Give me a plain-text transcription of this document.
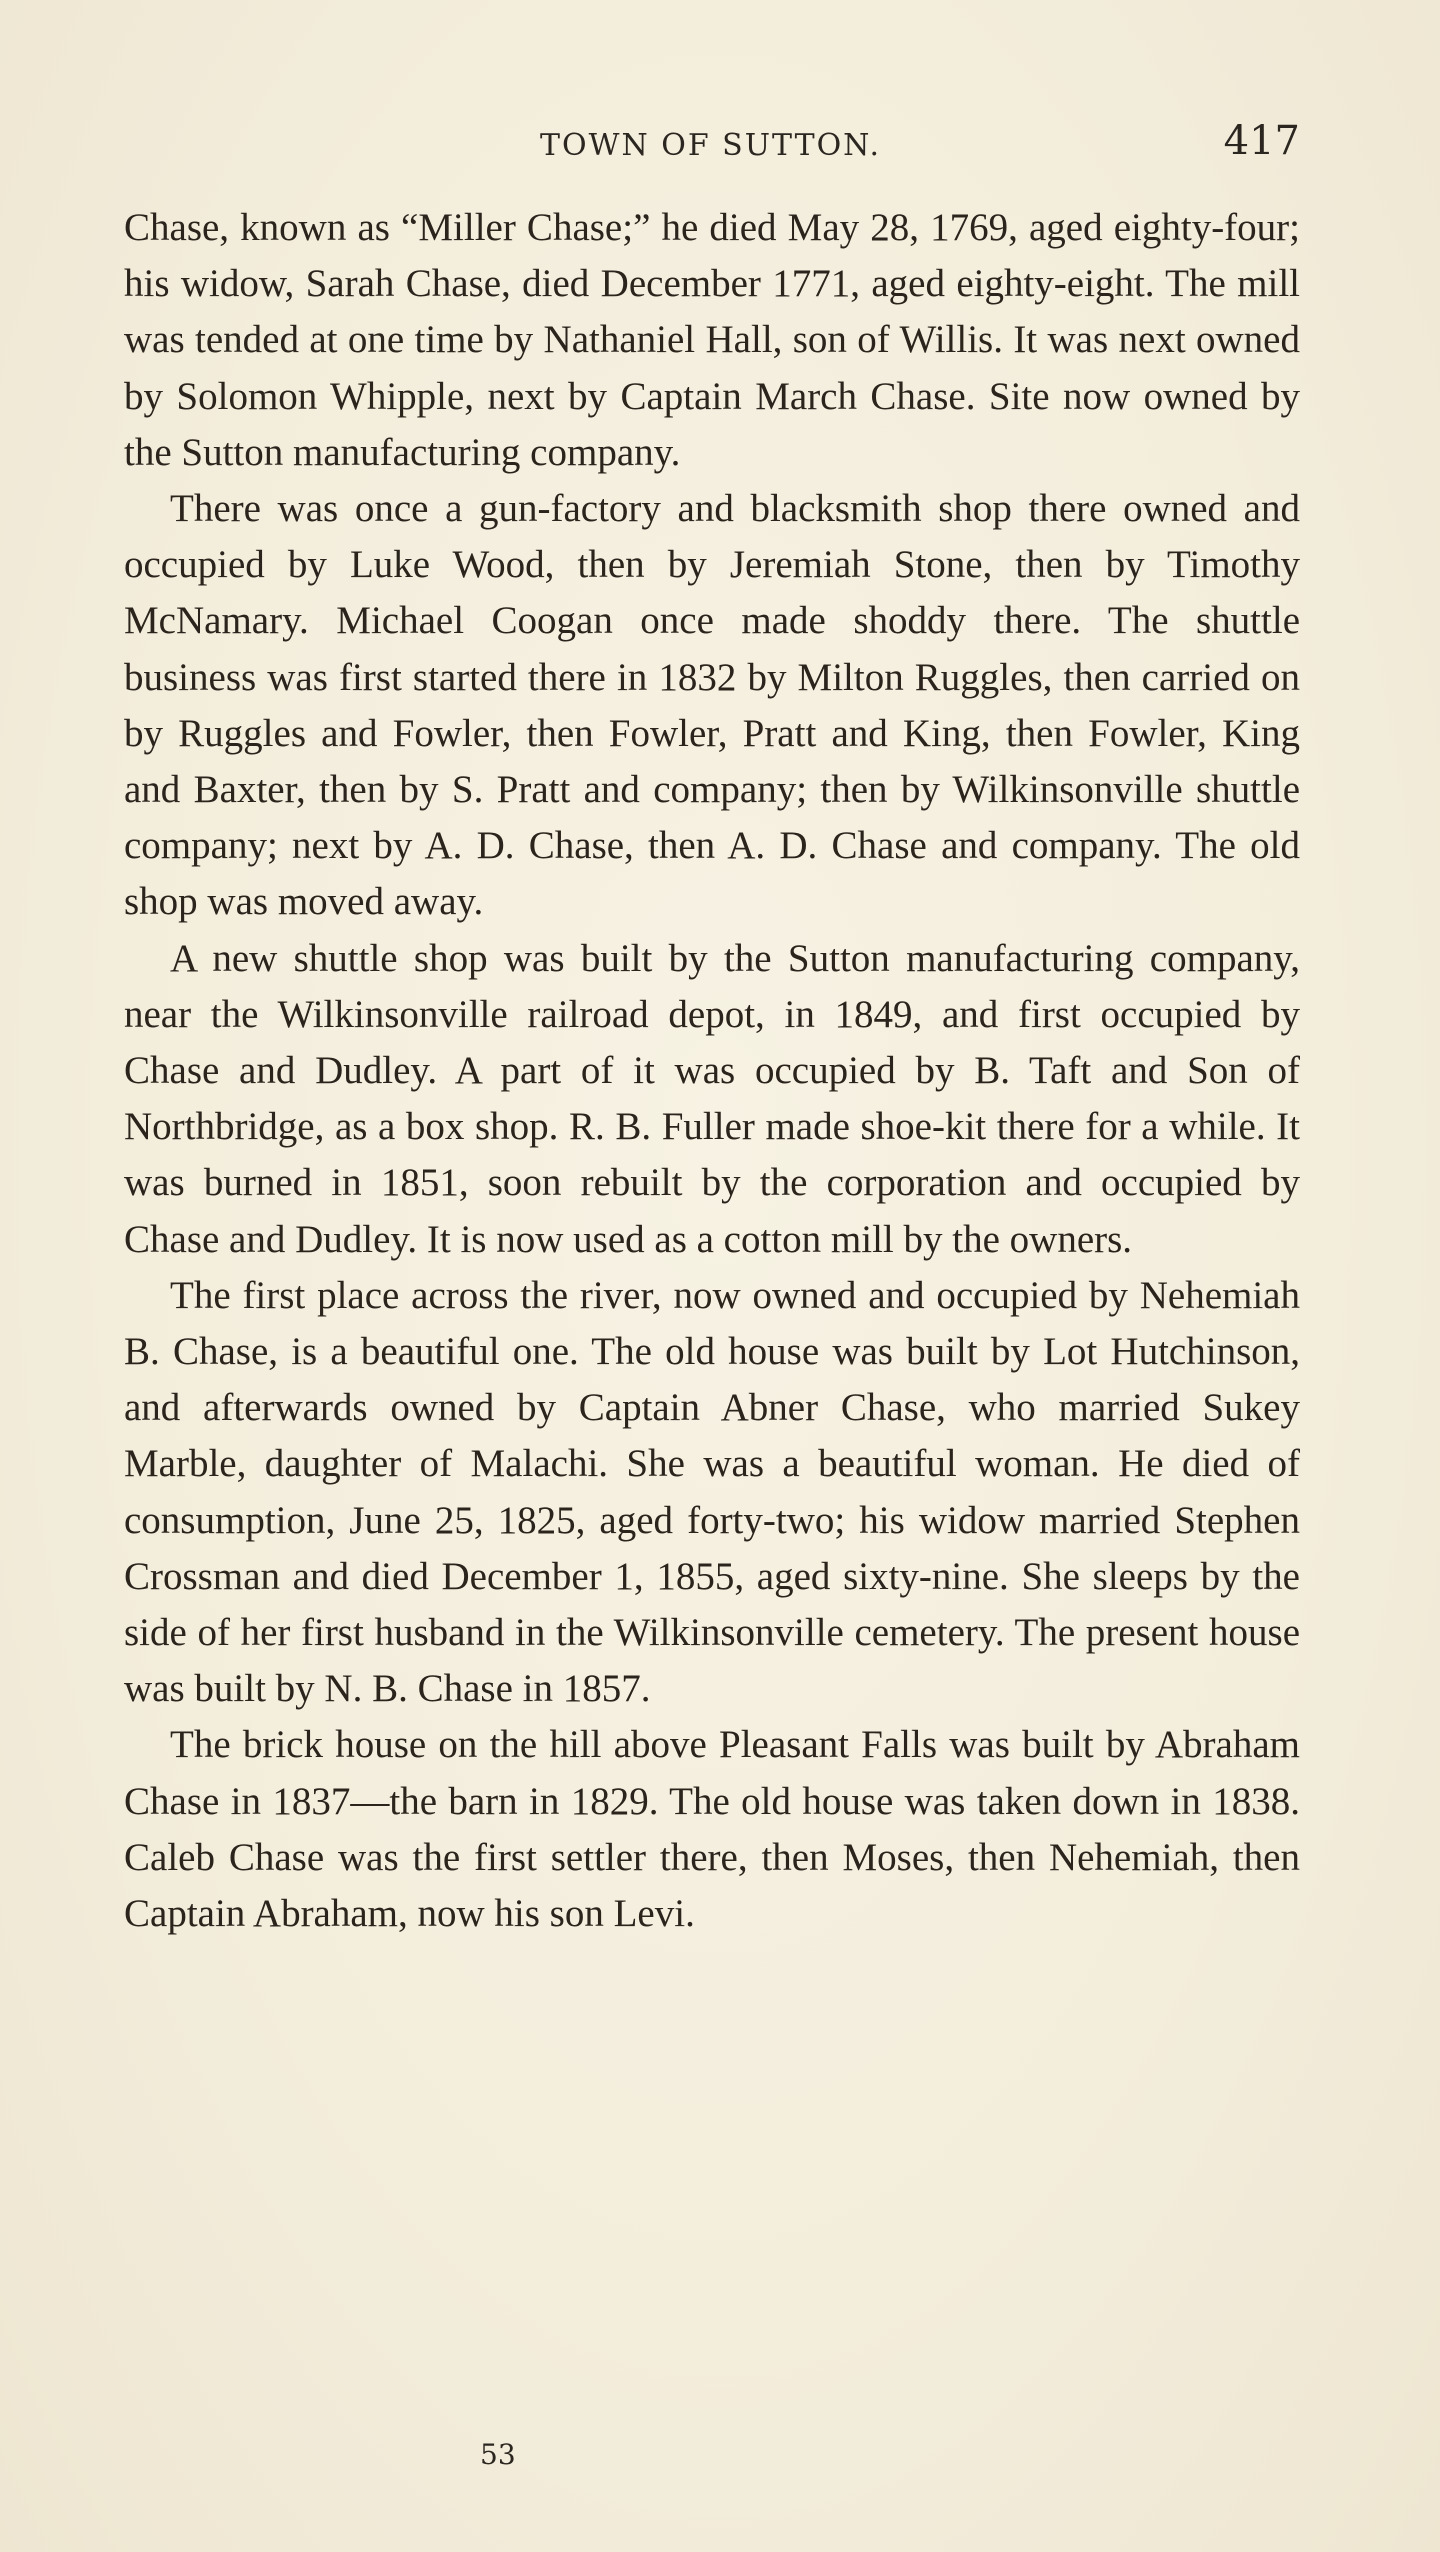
TOWN OF SUTTON.	417

Chase, known as “Miller Chase;” he died May 28, 1769, aged eighty-four; his widow, Sarah Chase, died December 1771, aged eighty-eight. The mill was tended at one time by Nathaniel Hall, son of Willis. It was next owned by Solomon Whipple, next by Captain March Chase. Site now owned by the Sutton manufacturing company.

There was once a gun-factory and blacksmith shop there owned and occupied by Luke Wood, then by Jeremiah Stone, then by Timothy McNamary. Michael Coogan once made shoddy there. The shuttle business was first started there in 1832 by Milton Ruggles, then carried on by Ruggles and Fowler, then Fowler, Pratt and King, then Fowler, King and Baxter, then by S. Pratt and company; then by Wilkinsonville shuttle company; next by A. D. Chase, then A. D. Chase and company. The old shop was moved away.

A new shuttle shop was built by the Sutton manufacturing company, near the Wilkinsonville railroad depot, in 1849, and first occupied by Chase and Dudley. A part of it was occupied by B. Taft and Son of Northbridge, as a box shop. R. B. Fuller made shoe-kit there for a while. It was burned in 1851, soon rebuilt by the corporation and occupied by Chase and Dudley. It is now used as a cotton mill by the owners.

The first place across the river, now owned and occupied by Nehemiah B. Chase, is a beautiful one. The old house was built by Lot Hutchinson, and afterwards owned by Captain Abner Chase, who married Sukey Marble, daughter of Malachi. She was a beautiful woman. He died of consumption, June 25, 1825, aged forty-two; his widow married Stephen Crossman and died December 1, 1855, aged sixty-nine. She sleeps by the side of her first husband in the Wilkinsonville cemetery. The present house was built by N. B. Chase in 1857.

The brick house on the hill above Pleasant Falls was built by Abraham Chase in 1837—the barn in 1829. The old house was taken down in 1838. Caleb Chase was the first settler there, then Moses, then Nehemiah, then Captain Abraham, now his son Levi.

53
